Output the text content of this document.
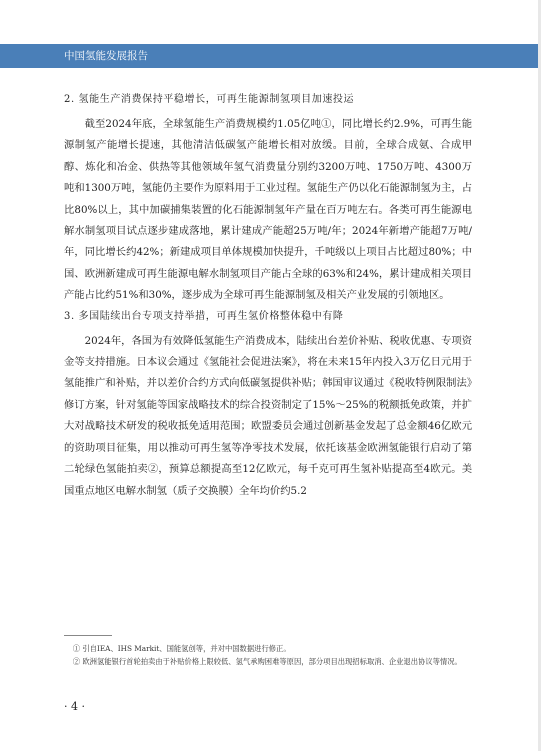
中国氢能发展报告

2. 氢能生产消费保持平稳增长，可再生能源制氢项目加速投运

截至2024年底，全球氢能生产消费规模约1.05亿吨①，同比增长约2.9%，可再生能源制氢产能增长提速，其他清洁低碳氢产能增长相对放缓。目前，全球合成氨、合成甲醇、炼化和冶金、供热等其他领域年氢气消费量分别约3200万吨、1750万吨、4300万吨和1300万吨，氢能仍主要作为原料用于工业过程。氢能生产仍以化石能源制氢为主，占比80%以上，其中加碳捕集装置的化石能源制氢年产量在百万吨左右。各类可再生能源电解水制氢项目试点逐步建成落地，累计建成产能超25万吨/年；2024年新增产能超7万吨/年，同比增长约42%；新建成项目单体规模加快提升，千吨级以上项目占比超过80%；中国、欧洲新建成可再生能源电解水制氢项目产能占全球的63%和24%，累计建成相关项目产能占比约51%和30%，逐步成为全球可再生能源制氢及相关产业发展的引领地区。

3. 多国陆续出台专项支持举措，可再生氢价格整体稳中有降

2024年，各国为有效降低氢能生产消费成本，陆续出台差价补贴、税收优惠、专项资金等支持措施。日本议会通过《氢能社会促进法案》，将在未来15年内投入3万亿日元用于氢能推广和补贴，并以差价合约方式向低碳氢提供补贴；韩国审议通过《税收特例限制法》修订方案，针对氢能等国家战略技术的综合投资制定了15%～25%的税额抵免政策，并扩大对战略技术研发的税收抵免适用范围；欧盟委员会通过创新基金发起了总金额46亿欧元的资助项目征集，用以推动可再生氢等净零技术发展，依托该基金欧洲氢能银行启动了第二轮绿色氢能拍卖②，预算总额提高至12亿欧元，每千克可再生氢补贴提高至4欧元。美国重点地区电解水制氢（质子交换膜）全年均价约5.2

① 引自IEA、IHS Markit、国能氢创等，并对中国数据进行修正。

② 欧洲氢能银行首轮拍卖由于补贴价格上限较低、氢气承购困难等原因，部分项目出现招标取消、企业退出协议等情况。

· 4 ·
